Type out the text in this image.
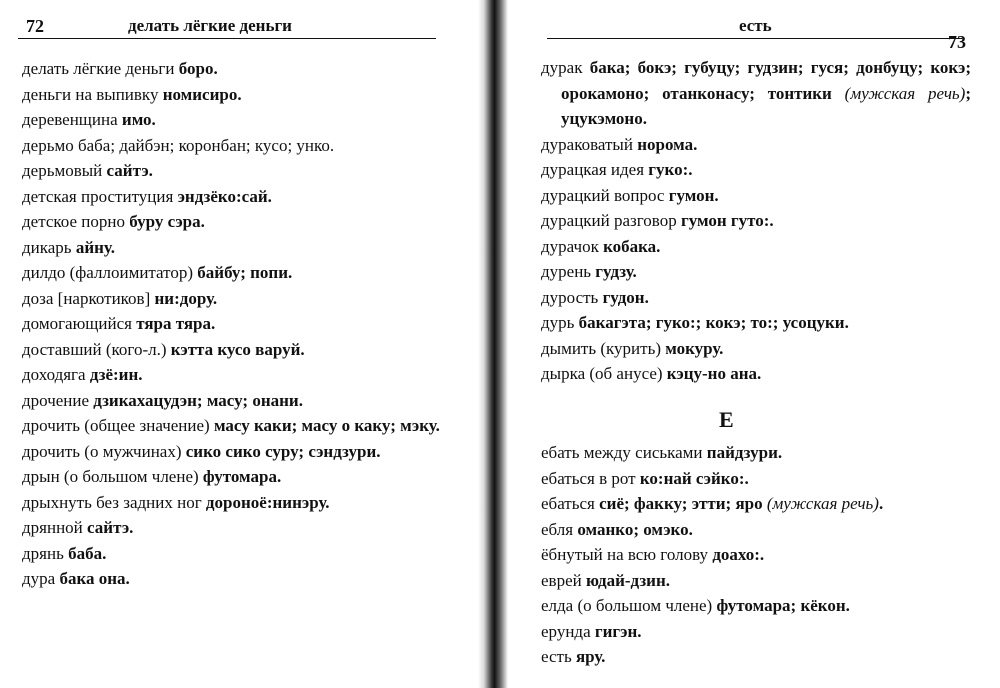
72	делать лёгкие деньги
делать лёгкие деньги боро.
деньги на выпивку номисиро.
деревенщина имо.
дерьмо баба; дайбэн; коронбан; кусо; унко.
дерьмовый сайтэ.
детская проституция эндзёко:сай.
детское порно буру сэра.
дикарь айну.
дилдо (фаллоимитатор) байбу; попи.
доза [наркотиков] ни:дору.
домогающийся тяра тяра.
доставший (кого-л.) кэтта кусо варуй.
доходяга дзё:ин.
дрочение дзикахацудэн; масу; онани.
дрочить (общее значение) масу каки; масу о каку; мэку.
дрочить (о мужчинах) сико сико суру; сэндзури.
дрын (о большом члене) футомара.
дрыхнуть без задних ног дороноё:нинэру.
дрянной сайтэ.
дрянь баба.
дура бака она.
есть
73
дурак бака; бокэ; губуцу; гудзин; гуся; донбуцу; кокэ; орокамоно; отанконасу; тонтики (мужская речь); уцукэмоно.
дураковатый норома.
дурацкая идея гуко:.
дурацкий вопрос гумон.
дурацкий разговор гумон гуто:.
дурачок кобака.
дурень гудзу.
дурость гудон.
дурь бакагэта; гуко:; кокэ; то:; усоцуки.
дымить (курить) мокуру.
дырка (об анусе) кэцу-но ана.
Е
ебать между сиськами пайдзури.
ебаться в рот ко:най сэйко:.
ебаться сиё; факку; этти; яро (мужская речь).
ебля оманко; омэко.
ёбнутый на всю голову доахо:.
еврей юдай-дзин.
елда (о большом члене) футомара; кёкон.
ерунда гигэн.
есть яру.
